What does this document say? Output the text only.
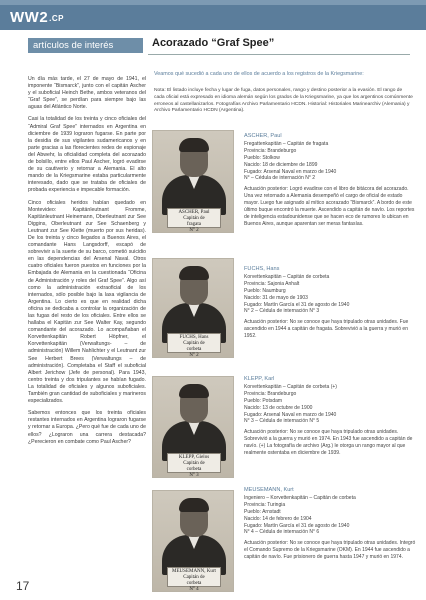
WW2.CP
artículos de interés	Acorazado “Graf Spee”

Un día más tarde, el 27 de mayo de 1941, el imponente “Bismarck”, junto con el capitán Ascher y el suboficial Heinch Bethe, ambos veteranos del “Graf Spee”, se perdían para siempre bajo las aguas del Atlántico Norte.

Casi la totalidad de los treinta y cinco oficiales del “Admiral Graf Spee” internados en Argentina en diciembre de 1939 lograron fugarse. En parte por la desidia de sus vigilantes sudamericanos y en parte gracias a las florecientes redes de espionaje del Abwehr, la oficialidad completa del acorazado de bolsillo, entre ellos Paul Ascher, logró evadirse de su cautiverio y retornar a Alemania. El alto mando de la Kriegsmarine estaba particularmente interesado, dado que se trataba de oficiales de probada experiencia e impecable formación.

Cinco oficiales heridos habían quedado en Montevideo: Kapitänleutnant Fromme, Kapitänleutnant Heinemann, Oberleutnant zur See Diggins, Oberleutnant zur See Schaenberg y Leutnant zur See Klette (muerto por sus heridas). De los treinta y cinco llegados a Buenos Aires, el comandante Hans Langsdorff, escapó de sobrevivir a la suerte de su barco, cometió suicidio en las dependencias del Arsenal Naval. Otros cuatro oficiales fueron puestos en funciones por la Embajada de Alemania en la cuestionada “Oficina de Administración y roles del Graf Spee”. Algo así como la administración extraoficial de los internados, sólo posible bajo la laxa vigilancia de Argentina. Lo cierto es que en realidad dicha oficina se dedicaba a controlar la organización de las fugas del resto de los oficiales. Entre ellos se hallaba el Kapitän zur See Walter Kay, segundo comandante del acorazado. Lo acompañaban el Korvettenkapitän Robert Höpfner, el Korvettenkapitän (Verwaltungs- – de administración) Willem Nahlichter y el Leutnant zur See Herbert Brees (Verwaltungs – de administración). Completaba el Staff el suboficial Albert Jerichow (Jefe de personal). Para 1943, centro treinta y dos tripulantes se habían fugado. La totalidad de oficiales y algunos suboficiales. También gran cantidad de suboficiales y marineros especializados.

Sabemos entonces que los treinta oficiales restantes internados en Argentina lograron fugarse y retornar a Europa. ¿Pero qué fue de cada uno de ellos? ¿Lograron una carrera destacada? ¿Perecieron en combate como Paul Ascher?

Veamos qué sucedió a cada uno de ellos de acuerdo a los registros de la Kriegsmarine:
Nota: El listado incluye fecha y lugar de fuga, datos personales, rango y destino posterior a la evasión. El rango de cada oficial está expresado en idioma alemán según los grados de la Kriegsmarine, ya que los argentinos comúnmente erroneos al castellanizarlos. Fotografías Archivo Parlamentario HCDN. Historial: Historiales Marinearchiv (Alemania) y Archivo Parlamentario HCDN (Argentina).
ASCHER, Paul
Capitán de
fragata
N° 2
FUCHS, Hans
Capitán de
corbeta
N° 2
KLEPP, Gielos
Capitán de
corbeta
N° 3
MEUSEMANN, Kurt
Capitán de
corbeta
N° 4
ASCHER, Paul
Fregattenkapitän – Capitán de fragata
Provincia: Brandeburgo
Pueblo: Stolkow
Nacido: 18 de diciembre de 1899
Fugado: Arsenal Naval en marzo de 1940
N° – Cédula de internación N° 2

Actuación posterior: Logró evadirse con el libro de bitácora del acorazado. Una vez retornado a Alemania desempeñó el cargo de oficial de estado mayor. Luego fue asignado al mítico acorazado “Bismarck”. A bordo de este último buque encontró la muerte. Ascendido a capitán de navío. Los reportes de inteligencia estadounidense que se hacen eco de rumores lo ubican en Buenos Aires, aunque aparentan ser meras fantasías.

FUCHS, Hans
Korvettenkapitän – Capitán de corbeta
Provincia: Sajonia Anhalt
Pueblo: Naumburg
Nacido: 31 de mayo de 1903
Fugado: Martín García el 31 de agosto de 1940
N° 2 – Cédula de internación N° 3

Actuación posterior: No se conoce que haya tripulado otras unidades. Fue ascendido en 1944 a capitán de fragata. Sobrevivió a la guerra y murió en 1952.

KLEPP, Karl
Korvettenkapitän – Capitán de corbeta (+)
Provincia: Brandeburgo
Pueblo: Potsdam
Nacido: 13 de octubre de 1900
Fugado: Arsenal Naval en marzo de 1940
N° 3 – Cédula de internación N° 5

Actuación posterior: No se conoce que haya tripulado otras unidades. Sobrevivió a la guerra y murió en 1974. En 1943 fue ascendido a capitán de navío. (+) La fotografía de archivo (Arg.) le otorga un rango mayor al que realmente ostentaba en diciembre de 1939.

MEUSEMANN, Kurt
Ingeniero – Korvettenkapitän – Capitán de corbeta
Provincia: Turingia
Pueblo: Arnstadt
Nacido: 14 de febrero de 1904
Fugado: Martín García el 31 de agosto de 1940
N° 4 – Cédula de internación N° 6

Actuación posterior: No se conoce que haya tripulado otras unidades. Integró el Comando Supremo de la Kriegsmarine (OKM). En 1944 fue ascendido a capitán de navío. Fue prisionero de guerra hasta 1947 y murió en 1974.

17
